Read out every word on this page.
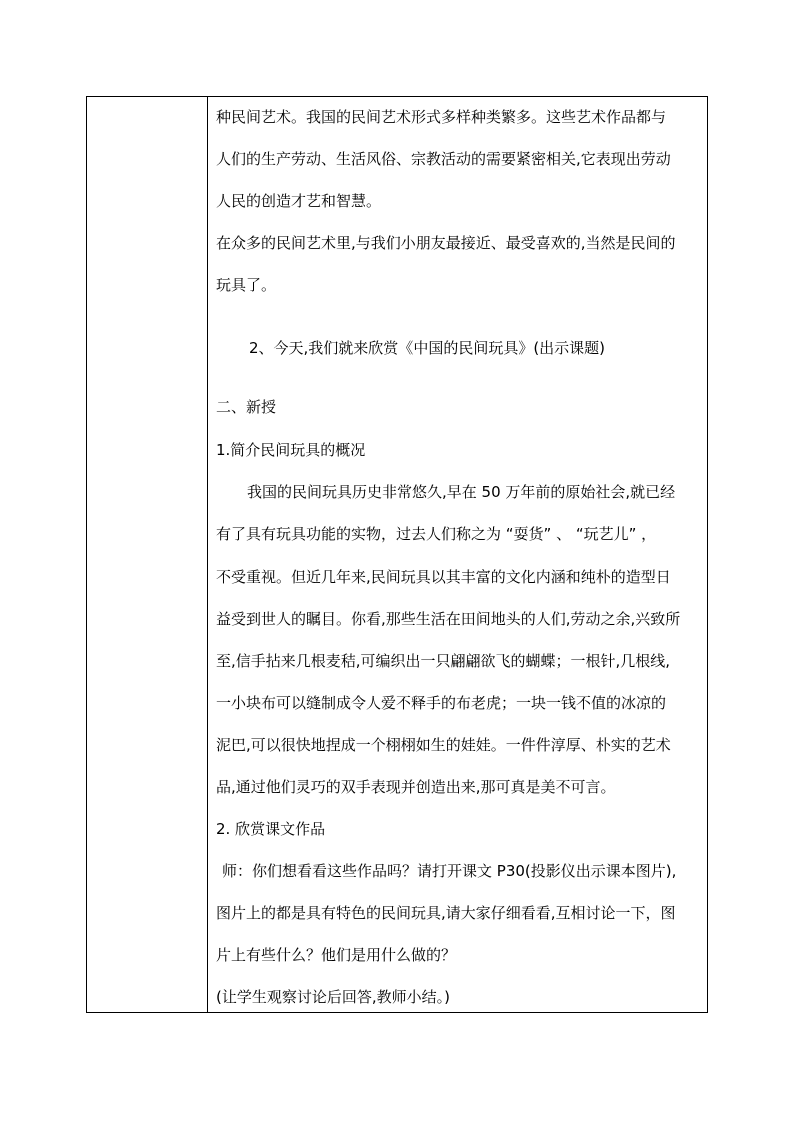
种民间艺术。我国的民间艺术形式多样种类繁多。这些艺术作品都与
人们的生产劳动、生活风俗、宗教活动的需要紧密相关,它表现出劳动
人民的创造才艺和智慧。
在众多的民间艺术里,与我们小朋友最接近、最受喜欢的,当然是民间的
玩具了。
2、今天,我们就来欣赏《中国的民间玩具》(出示课题)
二、新授
1.简介民间玩具的概况
我国的民间玩具历史非常悠久,早在 50 万年前的原始社会,就已经
有了具有玩具功能的实物，过去人们称之为 “耍货” 、 “玩艺儿” ，
不受重视。但近几年来,民间玩具以其丰富的文化内涵和纯朴的造型日
益受到世人的瞩目。你看,那些生活在田间地头的人们,劳动之余,兴致所
至,信手拈来几根麦秸,可编织出一只翩翩欲飞的蝴蝶；一根针,几根线,
一小块布可以缝制成令人爱不释手的布老虎；一块一钱不值的冰凉的
泥巴,可以很快地捏成一个栩栩如生的娃娃。一件件淳厚、朴实的艺术
品,通过他们灵巧的双手表现并创造出来,那可真是美不可言。
2. 欣赏课文作品
师：你们想看看这些作品吗？请打开课文 P30(投影仪出示课本图片),
图片上的都是具有特色的民间玩具,请大家仔细看看,互相讨论一下，图
片上有些什么？他们是用什么做的？
(让学生观察讨论后回答,教师小结。)
